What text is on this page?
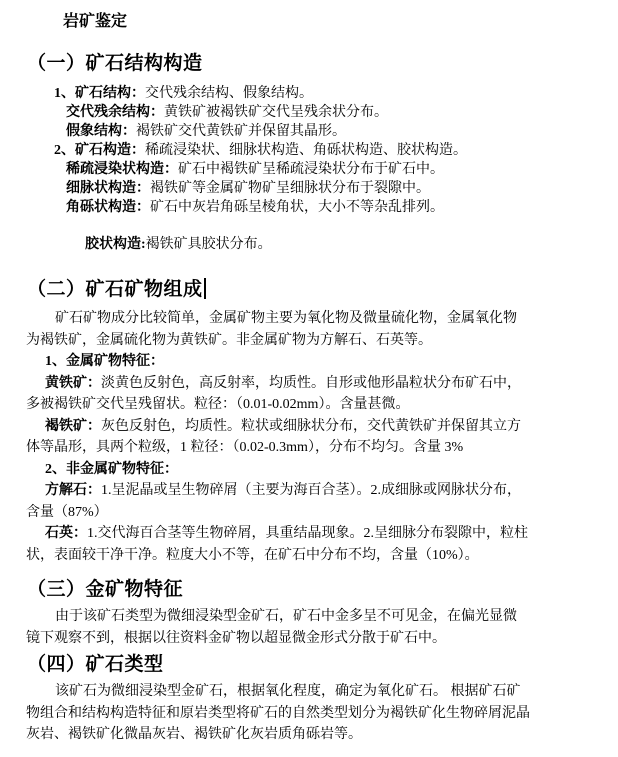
岩矿鉴定
（一）矿石结构构造
1、矿石结构：交代残余结构、假象结构。
交代残余结构：黄铁矿被褐铁矿交代呈残余状分布。
假象结构：褐铁矿交代黄铁矿并保留其晶形。
2、矿石构造：稀疏浸染状、细脉状构造、角砾状构造、胶状构造。
稀疏浸染状构造：矿石中褐铁矿呈稀疏浸染状分布于矿石中。
细脉状构造：褐铁矿等金属矿物矿呈细脉状分布于裂隙中。
角砾状构造：矿石中灰岩角砾呈棱角状，大小不等杂乱排列。
胶状构造:褐铁矿具胶状分布。
（二）矿石矿物组成

矿石矿物成分比较简单，金属矿物主要为氧化物及微量硫化物，金属氧化物为褐铁矿，金属硫化物为黄铁矿。非金属矿物为方解石、石英等。

1、金属矿物特征：

黄铁矿：淡黄色反射色，高反射率，均质性。自形或他形晶粒状分布矿石中，多被褐铁矿交代呈残留状。粒径：（0.01-0.02mm）。含量甚微。

褐铁矿：灰色反射色，均质性。粒状或细脉状分布，交代黄铁矿并保留其立方体等晶形，具两个粒级，1 粒径：（0.02-0.3mm），分布不均匀。含量 3%

2、非金属矿物特征：

方解石：1.呈泥晶或呈生物碎屑（主要为海百合茎）。2.成细脉或网脉状分布，含量（87%）

石英：1.交代海百合茎等生物碎屑，具重结晶现象。2.呈细脉分布裂隙中，粒柱状，表面较干净干净。粒度大小不等，在矿石中分布不均，含量（10%）。

（三）金矿物特征

由于该矿石类型为微细浸染型金矿石，矿石中金多呈不可见金，在偏光显微镜下观察不到，根据以往资料金矿物以超显微金形式分散于矿石中。

（四）矿石类型

该矿石为微细浸染型金矿石，根据氧化程度，确定为氧化矿石。 根据矿石矿物组合和结构构造特征和原岩类型将矿石的自然类型划分为褐铁矿化生物碎屑泥晶灰岩、褐铁矿化微晶灰岩、褐铁矿化灰岩质角砾岩等。
